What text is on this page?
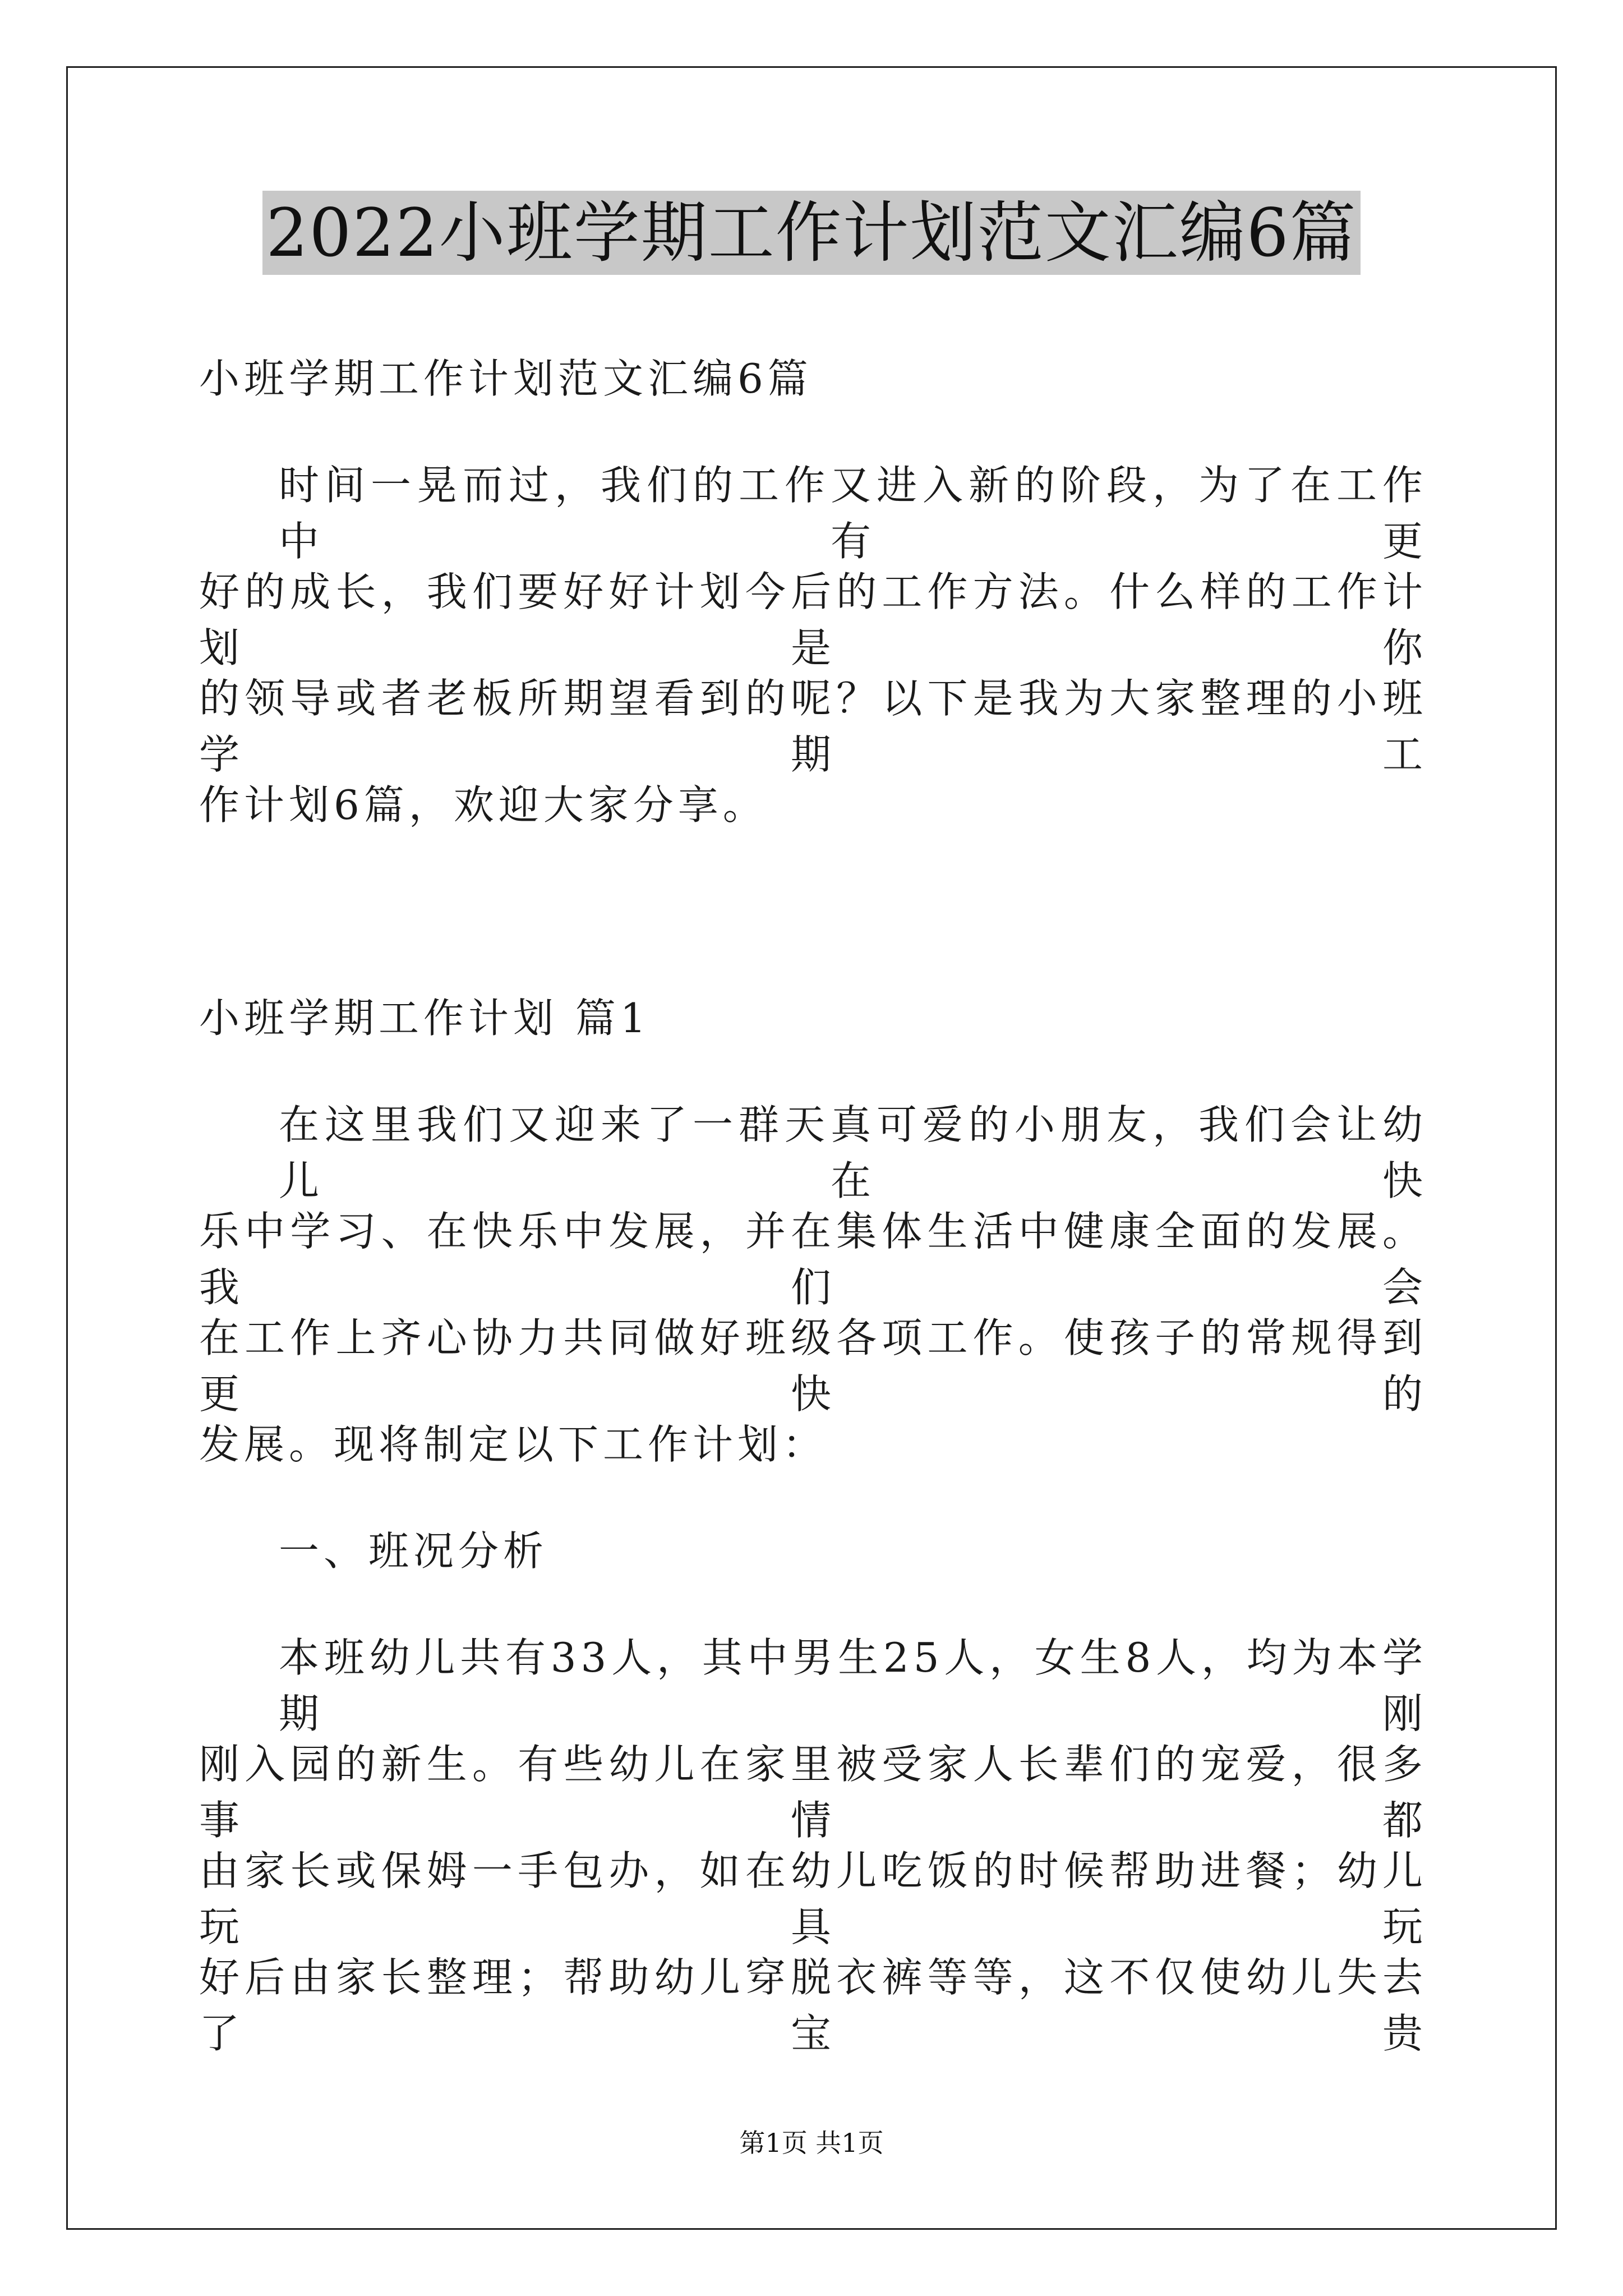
2022小班学期工作计划范文汇编6篇
小班学期工作计划范文汇编6篇
时间一晃而过，我们的工作又进入新的阶段，为了在工作中有更
好的成长，我们要好好计划今后的工作方法。什么样的工作计划是你
的领导或者老板所期望看到的呢？以下是我为大家整理的小班学期工
作计划6篇，欢迎大家分享。
小班学期工作计划 篇1
在这里我们又迎来了一群天真可爱的小朋友，我们会让幼儿在快
乐中学习、在快乐中发展，并在集体生活中健康全面的发展。 我们会
在工作上齐心协力共同做好班级各项工作。使孩子的常规得到更快的
发展。现将制定以下工作计划：
一、班况分析
本班幼儿共有33人，其中男生25人，女生8人，均为本学期刚
刚入园的新生。有些幼儿在家里被受家人长辈们的宠爱，很多事情都
由家长或保姆一手包办，如在幼儿吃饭的时候帮助进餐；幼儿玩具玩
好后由家长整理；帮助幼儿穿脱衣裤等等，这不仅使幼儿失去了宝贵
第1页 共1页
